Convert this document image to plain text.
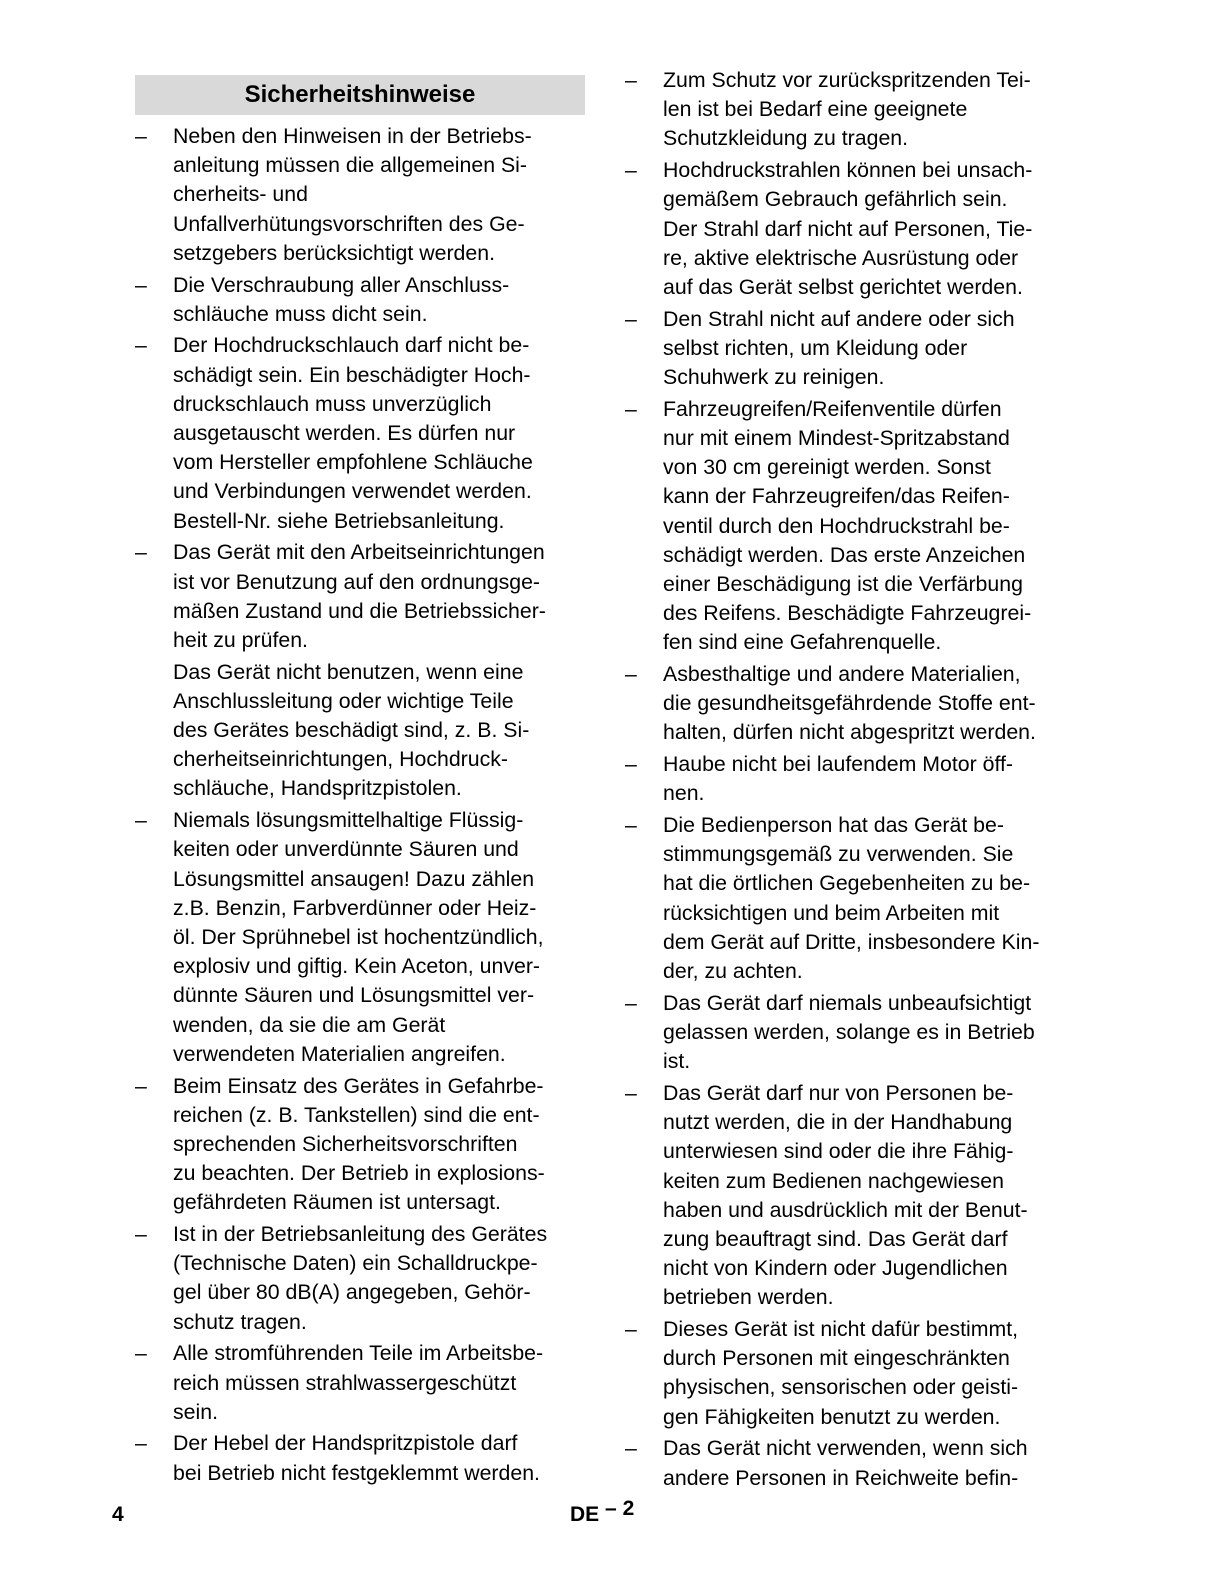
Sicherheitshinweise
– Neben den Hinweisen in der Betriebs-
anleitung müssen die allgemeinen Si-
cherheits- und
Unfallverhütungsvorschriften des Ge-
setzgebers berücksichtigt werden.
– Die Verschraubung aller Anschluss-
schläuche muss dicht sein.
– Der Hochdruckschlauch darf nicht be-
schädigt sein. Ein beschädigter Hoch-
druckschlauch muss unverzüglich
ausgetauscht werden. Es dürfen nur
vom Hersteller empfohlene Schläuche
und Verbindungen verwendet werden.
Bestell-Nr. siehe Betriebsanleitung.
– Das Gerät mit den Arbeitseinrichtungen
ist vor Benutzung auf den ordnungsge-
mäßen Zustand und die Betriebssicher-
heit zu prüfen.
Das Gerät nicht benutzen, wenn eine
Anschlussleitung oder wichtige Teile
des Gerätes beschädigt sind, z. B. Si-
cherheitseinrichtungen, Hochdruck-
schläuche, Handspritzpistolen.
– Niemals lösungsmittelhaltige Flüssig-
keiten oder unverdünnte Säuren und
Lösungsmittel ansaugen! Dazu zählen
z.B. Benzin, Farbverdünner oder Heiz-
öl. Der Sprühnebel ist hochentzündlich,
explosiv und giftig. Kein Aceton, unver-
dünnte Säuren und Lösungsmittel ver-
wenden, da sie die am Gerät
verwendeten Materialien angreifen.
– Beim Einsatz des Gerätes in Gefahrbe-
reichen (z. B. Tankstellen) sind die ent-
sprechenden Sicherheitsvorschriften
zu beachten. Der Betrieb in explosions-
gefährdeten Räumen ist untersagt.
– Ist in der Betriebsanleitung des Gerätes
(Technische Daten) ein Schalldruckpe-
gel über 80 dB(A) angegeben, Gehör-
schutz tragen.
– Alle stromführenden Teile im Arbeitsbe-
reich müssen strahlwassergeschützt
sein.
– Der Hebel der Handspritzpistole darf
bei Betrieb nicht festgeklemmt werden.
– Zum Schutz vor zurückspritzenden Tei-
len ist bei Bedarf eine geeignete
Schutzkleidung zu tragen.
– Hochdruckstrahlen können bei unsach-
gemäßem Gebrauch gefährlich sein.
Der Strahl darf nicht auf Personen, Tie-
re, aktive elektrische Ausrüstung oder
auf das Gerät selbst gerichtet werden.
– Den Strahl nicht auf andere oder sich
selbst richten, um Kleidung oder
Schuhwerk zu reinigen.
– Fahrzeugreifen/Reifenventile dürfen
nur mit einem Mindest-Spritzabstand
von 30 cm gereinigt werden. Sonst
kann der Fahrzeugreifen/das Reifen-
ventil durch den Hochdruckstrahl be-
schädigt werden. Das erste Anzeichen
einer Beschädigung ist die Verfärbung
des Reifens. Beschädigte Fahrzeugrei-
fen sind eine Gefahrenquelle.
– Asbesthaltige und andere Materialien,
die gesundheitsgefährdende Stoffe ent-
halten, dürfen nicht abgespritzt werden.
– Haube nicht bei laufendem Motor öff-
nen.
– Die Bedienperson hat das Gerät be-
stimmungsgemäß zu verwenden. Sie
hat die örtlichen Gegebenheiten zu be-
rücksichtigen und beim Arbeiten mit
dem Gerät auf Dritte, insbesondere Kin-
der, zu achten.
– Das Gerät darf niemals unbeaufsichtigt
gelassen werden, solange es in Betrieb
ist.
– Das Gerät darf nur von Personen be-
nutzt werden, die in der Handhabung
unterwiesen sind oder die ihre Fähig-
keiten zum Bedienen nachgewiesen
haben und ausdrücklich mit der Benut-
zung beauftragt sind. Das Gerät darf
nicht von Kindern oder Jugendlichen
betrieben werden.
– Dieses Gerät ist nicht dafür bestimmt,
durch Personen mit eingeschränkten
physischen, sensorischen oder geisti-
gen Fähigkeiten benutzt zu werden.
– Das Gerät nicht verwenden, wenn sich
andere Personen in Reichweite befin-
4	DE – 2
